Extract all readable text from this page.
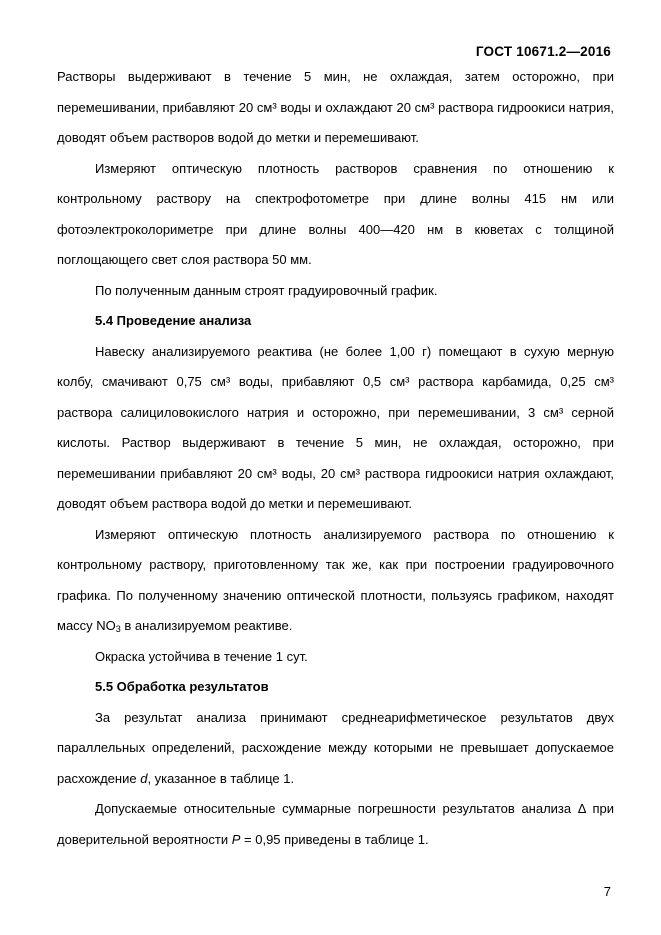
ГОСТ 10671.2—2016

Растворы выдерживают в течение 5 мин, не охлаждая, затем осторожно, при перемешивании, прибавляют 20 см³ воды и охлаждают 20 см³ раствора гидроокиси натрия, доводят объем растворов водой до метки и перемешивают.

Измеряют оптическую плотность растворов сравнения по отношению к контрольному раствору на спектрофотометре при длине волны 415 нм или фотоэлектроколориметре при длине волны 400—420 нм в кюветах с толщиной поглощающего свет слоя раствора 50 мм.

По полученным данным строят градуировочный график.

5.4 Проведение анализа

Навеску анализируемого реактива (не более 1,00 г) помещают в сухую мерную колбу, смачивают 0,75 см³ воды, прибавляют 0,5 см³ раствора карбамида, 0,25 см³ раствора салициловокислого натрия и осторожно, при перемешивании, 3 см³ серной кислоты. Раствор выдерживают в течение 5 мин, не охлаждая, осторожно, при перемешивании прибавляют 20 см³ воды, 20 см³ раствора гидроокиси натрия охлаждают, доводят объем раствора водой до метки и перемешивают.

Измеряют оптическую плотность анализируемого раствора по отношению к контрольному раствору, приготовленному так же, как при построении градуировочного графика. По полученному значению оптической плотности, пользуясь графиком, находят массу $NO_3$ в анализируемом реактиве.

Окраска устойчива в течение 1 сут.

5.5 Обработка результатов

За результат анализа принимают среднеарифметическое результатов двух параллельных определений, расхождение между которыми не превышает допускаемое расхождение d, указанное в таблице 1.

Допускаемые относительные суммарные погрешности результатов анализа Δ при доверительной вероятности P = 0,95 приведены в таблице 1.

7
